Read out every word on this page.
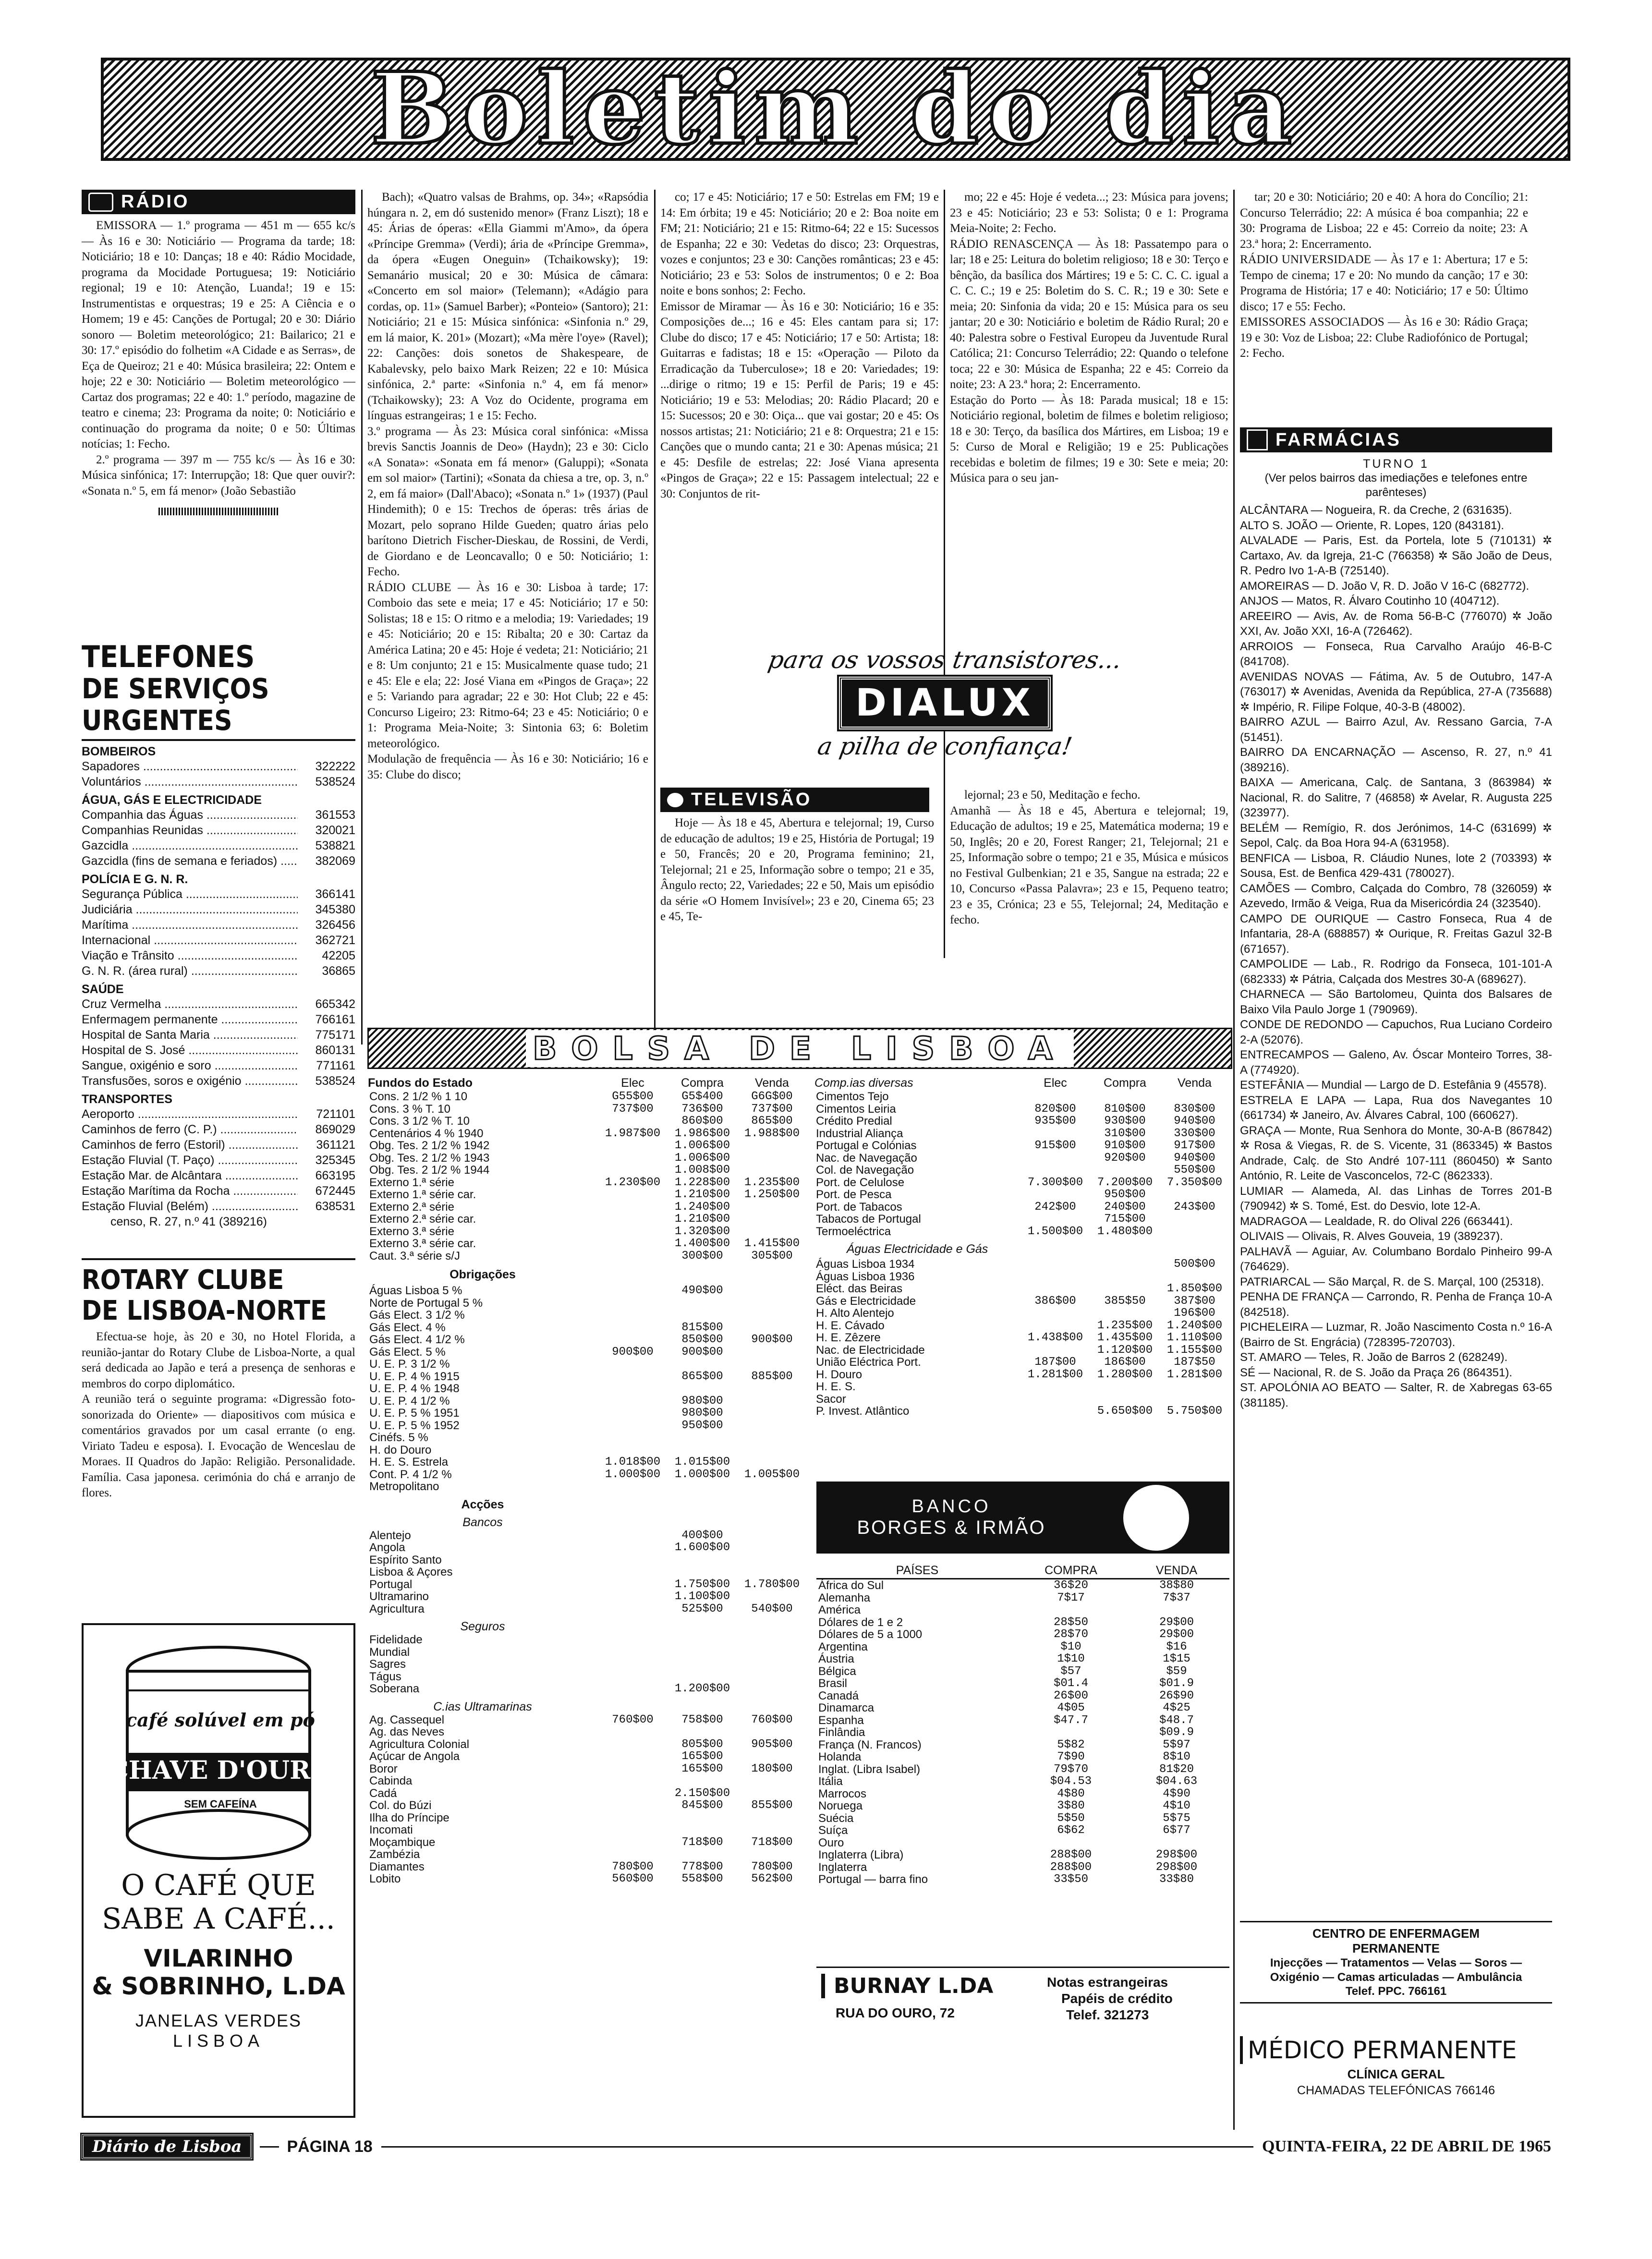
Boletim do dia
RÁDIO
EMISSORA — 1.º programa — 451 m — 655 kc/s — Às 16 e 30: Noticiário — Programa da tarde; 18: Noticiário; 18 e 10: Danças; 18 e 40: Rádio Mocidade, programa da Mocidade Portuguesa; 19: Noticiário regional; 19 e 10: Atenção, Luanda!; 19 e 15: Instrumentistas e orquestras; 19 e 25: A Ciência e o Homem; 19 e 45: Canções de Portugal; 20 e 30: Diário sonoro — Boletim meteorológico; 21: Bailarico; 21 e 30: 17.º episódio do folhetim «A Cidade e as Serras», de Eça de Queiroz; 21 e 40: Música brasileira; 22: Ontem e hoje; 22 e 30: Noticiário — Boletim meteorológico — Cartaz dos programas; 22 e 40: 1.º período, magazine de teatro e cinema; 23: Programa da noite; 0: Noticiário e continuação do programa da noite; 0 e 50: Últimas notícias; 1: Fecho.
2.º programa — 397 m — 755 kc/s — Às 16 e 30: Música sinfónica; 17: Interrupção; 18: Que quer ouvir?: «Sonata n.º 5, em fá menor» (João Sebastião
TELEFONES
DE SERVIÇOS URGENTES
BOMBEIROS
Sapadores .....	322222
Voluntários .....	538524
ÁGUA, GÁS E ELECTRICIDADE
Companhia das Águas .....	361553
Companhias Reunidas .....	320021
Gazcidla .....	538821
Gazcidla (fins de semana e feriados) .....	382069
POLÍCIA E G. N. R.
Segurança Pública .....	366141
Judiciária .....	345380
Marítima .....	326456
Internacional .....	362721
Viação e Trânsito .....	42205
G. N. R. (área rural) .....	36865
SAÚDE
Cruz Vermelha .....	665342
Enfermagem permanente .....	766161
Hospital de Santa Maria .....	775171
Hospital de S. José .....	860131
Sangue, oxigénio e soro .....	771161
Transfusões, soros e oxigénio .....	538524
TRANSPORTES
Aeroporto .....	721101
Caminhos de ferro (C. P.) .....	869029
Caminhos de ferro (Estoril) .....	361121
Estação Fluvial (T. Paço) .....	325345
Estação Mar. de Alcântara .....	663195
Estação Marítima da Rocha .....	672445
Estação Fluvial (Belém) .....	638531
censo, R. 27, n.º 41 (389216)
ROTARY CLUBE
DE LISBOA-NORTE
Efectua-se hoje, às 20 e 30, no Hotel Florida, a reunião-jantar do Rotary Clube de Lisboa-Norte, a qual será dedicada ao Japão e terá a presença de senhoras e membros do corpo diplomático.
A reunião terá o seguinte programa: «Digressão foto-sonorizada do Oriente» — diapositivos com música e comentários gravados por um casal errante (o eng. Viriato Tadeu e esposa). I. Evocação de Wenceslau de Moraes. II Quadros do Japão: Religião. Personalidade. Família. Casa japonesa. cerimónia do chá e arranjo de flores.
café solúvel em pó
CHAVE D'OURO
SEM CAFEÍNA
O CAFÉ QUE
SABE A CAFÉ...
VILARINHO
& SOBRINHO, L.DA
JANELAS VERDES
LISBOA
Bach); «Quatro valsas de Brahms, op. 34»; «Rapsódia húngara n. 2, em dó sustenido menor» (Franz Liszt); 18 e 45: Árias de óperas: «Ella Giammi m'Amo», da ópera «Príncipe Gremma» (Verdi); ária de «Príncipe Gremma», da ópera «Eugen Oneguin» (Tchaikowsky); 19: Semanário musical; 20 e 30: Música de câmara: «Concerto em sol maior» (Telemann); «Adágio para cordas, op. 11» (Samuel Barber); «Ponteio» (Santoro); 21: Noticiário; 21 e 15: Música sinfónica: «Sinfonia n.º 29, em lá maior, K. 201» (Mozart); «Ma mère l'oye» (Ravel); 22: Canções: dois sonetos de Shakespeare, de Kabalevsky, pelo baixo Mark Reizen; 22 e 10: Música sinfónica, 2.ª parte: «Sinfonia n.º 4, em fá menor» (Tchaikowsky); 23: A Voz do Ocidente, programa em línguas estrangeiras; 1 e 15: Fecho.
3.º programa — Às 23: Música coral sinfónica: «Missa brevis Sanctis Joannis de Deo» (Haydn); 23 e 30: Ciclo «A Sonata»: «Sonata em fá menor» (Galuppi); «Sonata em sol maior» (Tartini); «Sonata da chiesa a tre, op. 3, n.º 2, em fá maior» (Dall'Abaco); «Sonata n.º 1» (1937) (Paul Hindemith); 0 e 15: Trechos de óperas: três árias de Mozart, pelo soprano Hilde Gueden; quatro árias pelo barítono Dietrich Fischer-Dieskau, de Rossini, de Verdi, de Giordano e de Leoncavallo; 0 e 50: Noticiário; 1: Fecho.
RÁDIO CLUBE — Às 16 e 30: Lisboa à tarde; 17: Comboio das sete e meia; 17 e 45: Noticiário; 17 e 50: Solistas; 18 e 15: O ritmo e a melodia; 19: Variedades; 19 e 45: Noticiário; 20 e 15: Ribalta; 20 e 30: Cartaz da América Latina; 20 e 45: Hoje é vedeta; 21: Noticiário; 21 e 8: Um conjunto; 21 e 15: Musicalmente quase tudo; 21 e 45: Ele e ela; 22: José Viana em «Pingos de Graça»; 22 e 5: Variando para agradar; 22 e 30: Hot Club; 22 e 45: Concurso Ligeiro; 23: Ritmo-64; 23 e 45: Noticiário; 0 e 1: Programa Meia-Noite; 3: Sintonia 63; 6: Boletim meteorológico.
Modulação de frequência — Às 16 e 30: Noticiário; 16 e 35: Clube do disco;
co; 17 e 45: Noticiário; 17 e 50: Estrelas em FM; 19 e 14: Em órbita; 19 e 45: Noticiário; 20 e 2: Boa noite em FM; 21: Noticiário; 21 e 15: Ritmo-64; 22 e 15: Sucessos de Espanha; 22 e 30: Vedetas do disco; 23: Orquestras, vozes e conjuntos; 23 e 30: Canções românticas; 23 e 45: Noticiário; 23 e 53: Solos de instrumentos; 0 e 2: Boa noite e bons sonhos; 2: Fecho.
Emissor de Miramar — Às 16 e 30: Noticiário; 16 e 35: Composições de...; 16 e 45: Eles cantam para si; 17: Clube do disco; 17 e 45: Noticiário; 17 e 50: Artista; 18: Guitarras e fadistas; 18 e 15: «Operação — Piloto da Erradicação da Tuberculose»; 18 e 20: Variedades; 19: ...dirige o ritmo; 19 e 15: Perfil de Paris; 19 e 45: Noticiário; 19 e 53: Melodias; 20: Rádio Placard; 20 e 15: Sucessos; 20 e 30: Oiça... que vai gostar; 20 e 45: Os nossos artistas; 21: Noticiário; 21 e 8: Orquestra; 21 e 15: Canções que o mundo canta; 21 e 30: Apenas música; 21 e 45: Desfile de estrelas; 22: José Viana apresenta «Pingos de Graça»; 22 e 15: Passagem intelectual; 22 e 30: Conjuntos de rit-
mo; 22 e 45: Hoje é vedeta...; 23: Música para jovens; 23 e 45: Noticiário; 23 e 53: Solista; 0 e 1: Programa Meia-Noite; 2: Fecho.
RÁDIO RENASCENÇA — Às 18: Passatempo para o lar; 18 e 25: Leitura do boletim religioso; 18 e 30: Terço e bênção, da basílica dos Mártires; 19 e 5: C. C. C. igual a C. C. C.; 19 e 25: Boletim do S. C. R.; 19 e 30: Sete e meia; 20: Sinfonia da vida; 20 e 15: Música para os seu jantar; 20 e 30: Noticiário e boletim de Rádio Rural; 20 e 40: Palestra sobre o Festival Europeu da Juventude Rural Católica; 21: Concurso Telerrádio; 22: Quando o telefone toca; 22 e 30: Música de Espanha; 22 e 45: Correio da noite; 23: A 23.ª hora; 2: Encerramento.
Estação do Porto — Às 18: Parada musical; 18 e 15: Noticiário regional, boletim de filmes e boletim religioso; 18 e 30: Terço, da basílica dos Mártires, em Lisboa; 19 e 5: Curso de Moral e Religião; 19 e 25: Publicações recebidas e boletim de filmes; 19 e 30: Sete e meia; 20: Música para o seu jan-
tar; 20 e 30: Noticiário; 20 e 40: A hora do Concílio; 21: Concurso Telerrádio; 22: A música é boa companhia; 22 e 30: Programa de Lisboa; 22 e 45: Correio da noite; 23: A 23.ª hora; 2: Encerramento.
RÁDIO UNIVERSIDADE — Às 17 e 1: Abertura; 17 e 5: Tempo de cinema; 17 e 20: No mundo da canção; 17 e 30: Programa de História; 17 e 40: Noticiário; 17 e 50: Último disco; 17 e 55: Fecho.
EMISSORES ASSOCIADOS — Às 16 e 30: Rádio Graça; 19 e 30: Voz de Lisboa; 22: Clube Radiofónico de Portugal; 2: Fecho.
para os vossos transistores...
DIALUX
a pilha de confiança!
TELEVISÃO
Hoje — Às 18 e 45, Abertura e telejornal; 19, Curso de educação de adultos; 19 e 25, História de Portugal; 19 e 50, Francês; 20 e 20, Programa feminino; 21, Telejornal; 21 e 25, Informação sobre o tempo; 21 e 35, Ângulo recto; 22, Variedades; 22 e 50, Mais um episódio da série «O Homem Invisível»; 23 e 20, Cinema 65; 23 e 45, Te-
lejornal; 23 e 50, Meditação e fecho.
Amanhã — Às 18 e 45, Abertura e telejornal; 19, Educação de adultos; 19 e 25, Matemática moderna; 19 e 50, Inglês; 20 e 20, Forest Ranger; 21, Telejornal; 21 e 25, Informação sobre o tempo; 21 e 35, Música e músicos no Festival Gulbenkian; 21 e 35, Sangue na estrada; 22 e 10, Concurso «Passa Palavra»; 23 e 15, Pequeno teatro; 23 e 35, Crónica; 23 e 55, Telejornal; 24, Meditação e fecho.
BOLSA DE LISBOA
Fundos do Estado	Elec	Compra	Venda
Cons. 2 1/2 % 1 10	G55$00	G5$400	G6G$00
Cons. 3 % T. 10	737$00	736$00	737$00
Cons. 3 1/2 % T. 10		860$00	865$00
Centenários 4 % 1940	1.987$00	1.986$00	1.988$00
Obg. Tes. 2 1/2 % 1942		1.006$00	
Obg. Tes. 2 1/2 % 1943		1.006$00	
Obg. Tes. 2 1/2 % 1944		1.008$00	
Externo 1.ª série	1.230$00	1.228$00	1.235$00
Externo 1.ª série car.		1.210$00	1.250$00
Externo 2.ª série		1.240$00	
Externo 2.ª série car.		1.210$00	
Externo 3.ª série		1.320$00	
Externo 3.ª série car.		1.400$00	1.415$00
Caut. 3.ª série s/J		300$00	305$00
Obrigações
Águas Lisboa 5 %		490$00	
Norte de Portugal 5 %			
Gás Elect. 3 1/2 %			
Gás Elect. 4 %		815$00	
Gás Elect. 4 1/2 %		850$00	900$00
Gás Elect. 5 %	900$00	900$00	
U. E. P. 3 1/2 %			
U. E. P. 4 % 1915		865$00	885$00
U. E. P. 4 % 1948			
U. E. P. 4 1/2 %		980$00	
U. E. P. 5 % 1951		980$00	
U. E. P. 5 % 1952		950$00	
Cinéfs. 5 %			
H. do Douro			
H. E. S. Estrela	1.018$00	1.015$00	
Cont. P. 4 1/2 %	1.000$00	1.000$00	1.005$00
Metropolitano			
Acções
Bancos
Alentejo		400$00	
Angola		1.600$00	
Espírito Santo			
Lisboa & Açores			
Portugal		1.750$00	1.780$00
Ultramarino		1.100$00	
Agricultura		525$00	540$00
Seguros
Fidelidade			
Mundial			
Sagres			
Tágus			
Soberana		1.200$00	
C.ias Ultramarinas
Ag. Cassequel	760$00	758$00	760$00
Ag. das Neves			
Agricultura Colonial		805$00	905$00
Açúcar de Angola		165$00	
Boror		165$00	180$00
Cabinda			
Cadá		2.150$00	
Col. do Búzi		845$00	855$00
Ilha do Príncipe			
Incomati			
Moçambique		718$00	718$00
Zambézia			
Diamantes	780$00	778$00	780$00
Lobito	560$00	558$00	562$00
Comp.ias diversas	Elec	Compra	Venda
Cimentos Tejo			
Cimentos Leiria	820$00	810$00	830$00
Crédito Predial	935$00	930$00	940$00
Industrial Aliança		310$00	330$00
Portugal e Colónias	915$00	910$00	917$00
Nac. de Navegação		920$00	940$00
Col. de Navegação			550$00
Port. de Celulose	7.300$00	7.200$00	7.350$00
Port. de Pesca		950$00	
Port. de Tabacos	242$00	240$00	243$00
Tabacos de Portugal		715$00	
Termoeléctrica	1.500$00	1.480$00	
Águas Electricidade e Gás
Águas Lisboa 1934			500$00
Águas Lisboa 1936			
Eléct. das Beiras			1.850$00
Gás e Electricidade	386$00	385$50	387$00
H. Alto Alentejo			196$00
H. E. Cávado		1.235$00	1.240$00
H. E. Zêzere	1.438$00	1.435$00	1.110$00
Nac. de Electricidade		1.120$00	1.155$00
União Eléctrica Port.	187$00	186$00	187$50
H. Douro	1.281$00	1.280$00	1.281$00
H. E. S.			
Sacor			
P. Invest. Atlântico		5.650$00	5.750$00
BANCO
BORGES & IRMÃO
PAÍSES	COMPRA	VENDA
África do Sul	36$20	38$80
Alemanha	7$17	7$37
América		
Dólares de 1 e 2	28$50	29$00
Dólares de 5 a 1000	28$70	29$00
Argentina	$10	$16
Áustria	1$10	1$15
Bélgica	$57	$59
Brasil	$01.4	$01.9
Canadá	26$00	26$90
Dinamarca	4$05	4$25
Espanha	$47.7	$48.7
Finlândia		$09.9
França (N. Francos)	5$82	5$97
Holanda	7$90	8$10
Inglat. (Libra Isabel)	79$70	81$20
Itália	$04.53	$04.63
Marrocos	4$80	4$90
Noruega	3$80	4$10
Suécia	5$50	5$75
Suíça	6$62	6$77
Ouro		
Inglaterra (Libra)	288$00	298$00
Inglaterra	288$00	298$00
Portugal — barra fino	33$50	33$80
BURNAY L.DA
RUA DO OURO, 72
Notas estrangeiras
Papéis de crédito
Telef. 321273
FARMÁCIAS
TURNO 1
(Ver pelos bairros das imediações e telefones entre parênteses)
ALCÂNTARA — Nogueira, R. da Creche, 2 (631635).
ALTO S. JOÃO — Oriente, R. Lopes, 120 (843181).
ALVALADE — Paris, Est. da Portela, lote 5 (710131) ✲ Cartaxo, Av. da Igreja, 21-C (766358) ✲ São João de Deus, R. Pedro Ivo 1-A-B (725140).
AMOREIRAS — D. João V, R. D. João V 16-C (682772).
ANJOS — Matos, R. Álvaro Coutinho 10 (404712).
AREEIRO — Avis, Av. de Roma 56-B-C (776070) ✲ João XXI, Av. João XXI, 16-A (726462).
ARROIOS — Fonseca, Rua Carvalho Araújo 46-B-C (841708).
AVENIDAS NOVAS — Fátima, Av. 5 de Outubro, 147-A (763017) ✲ Avenidas, Avenida da República, 27-A (735688) ✲ Império, R. Filipe Folque, 40-3-B (48002).
BAIRRO AZUL — Bairro Azul, Av. Ressano Garcia, 7-A (51451).
BAIRRO DA ENCARNAÇÃO — Ascenso, R. 27, n.º 41 (389216).
BAIXA — Americana, Calç. de Santana, 3 (863984) ✲ Nacional, R. do Salitre, 7 (46858) ✲ Avelar, R. Augusta 225 (323977).
BELÉM — Remígio, R. dos Jerónimos, 14-C (631699) ✲ Sepol, Calç. da Boa Hora 94-A (631958).
BENFICA — Lisboa, R. Cláudio Nunes, lote 2 (703393) ✲ Sousa, Est. de Benfica 429-431 (780027).
CAMÕES — Combro, Calçada do Combro, 78 (326059) ✲ Azevedo, Irmão & Veiga, Rua da Misericórdia 24 (323540).
CAMPO DE OURIQUE — Castro Fonseca, Rua 4 de Infantaria, 28-A (688857) ✲ Ourique, R. Freitas Gazul 32-B (671657).
CAMPOLIDE — Lab., R. Rodrigo da Fonseca, 101-101-A (682333) ✲ Pátria, Calçada dos Mestres 30-A (689627).
CHARNECA — São Bartolomeu, Quinta dos Balsares de Baixo Vila Paulo Jorge 1 (790969).
CONDE DE REDONDO — Capuchos, Rua Luciano Cordeiro 2-A (52076).
ENTRECAMPOS — Galeno, Av. Óscar Monteiro Torres, 38-A (774920).
ESTEFÂNIA — Mundial — Largo de D. Estefânia 9 (45578).
ESTRELA E LAPA — Lapa, Rua dos Navegantes 10 (661734) ✲ Janeiro, Av. Álvares Cabral, 100 (660627).
GRAÇA — Monte, Rua Senhora do Monte, 30-A-B (867842) ✲ Rosa & Viegas, R. de S. Vicente, 31 (863345) ✲ Bastos Andrade, Calç. de Sto André 107-111 (860450) ✲ Santo António, R. Leite de Vasconcelos, 72-C (862333).
LUMIAR — Alameda, Al. das Linhas de Torres 201-B (790942) ✲ S. Tomé, Est. do Desvio, lote 12-A.
MADRAGOA — Lealdade, R. do Olival 226 (663441).
OLIVAIS — Olivais, R. Alves Gouveia, 19 (389237).
PALHAVÃ — Aguiar, Av. Columbano Bordalo Pinheiro 99-A (764629).
PATRIARCAL — São Marçal, R. de S. Marçal, 100 (25318).
PENHA DE FRANÇA — Carrondo, R. Penha de França 10-A (842518).
PICHELEIRA — Luzmar, R. João Nascimento Costa n.º 16-A (Bairro de St. Engrácia) (728395-720703).
ST. AMARO — Teles, R. João de Barros 2 (628249).
SÉ — Nacional, R. de S. João da Praça 26 (864351).
ST. APOLÓNIA AO BEATO — Salter, R. de Xabregas 63-65 (381185).
CENTRO DE ENFERMAGEM
PERMANENTE
Injecções — Tratamentos — Velas — Soros — Oxigénio — Camas articuladas — Ambulância
Telef. PPC. 766161
MÉDICO PERMANENTE
CLÍNICA GERAL
CHAMADAS TELEFÓNICAS 766146
Diário de Lisboa	PÁGINA 18	QUINTA-FEIRA, 22 DE ABRIL DE 1965
